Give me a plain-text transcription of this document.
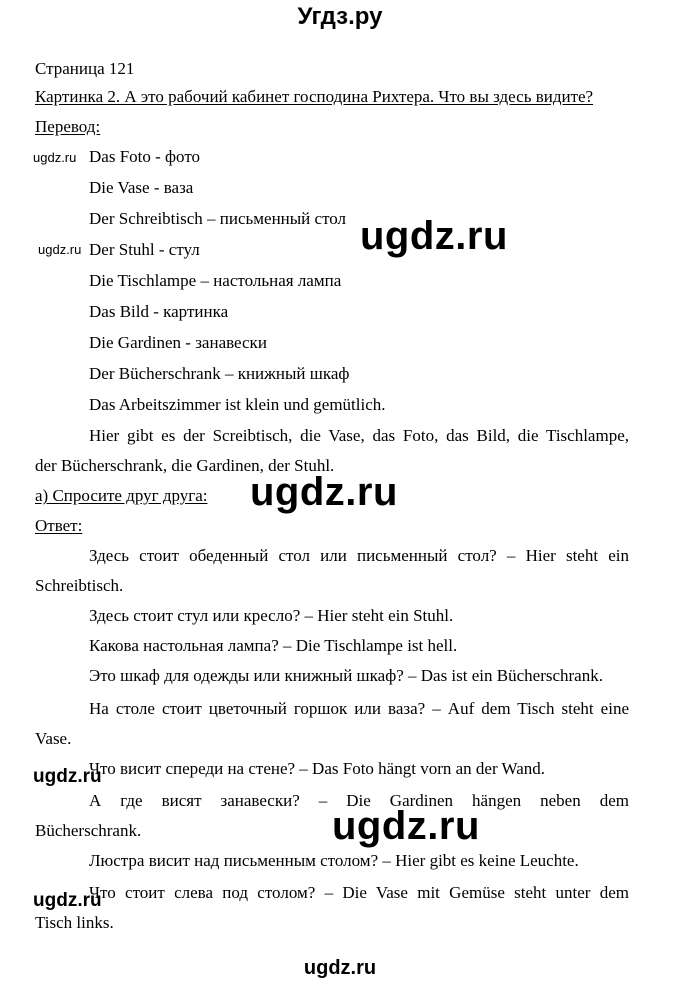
Угдз.ру
Страница 121
Картинка 2. А это рабочий кабинет господина Рихтера. Что вы здесь видите?
Перевод:
Das Foto - фото
Die Vase - ваза
Der Schreibtisch – письменный стол
Der Stuhl - стул
Die Tischlampe – настольная лампа
Das Bild - картинка
Die Gardinen - занавески
Der Bücherschrank – книжный шкаф
Das Arbeitszimmer ist klein und gemütlich.
Hier gibt es der Screibtisch, die Vase, das Foto, das Bild, die Tischlampe,
der Bücherschrank, die Gardinen, der Stuhl.
а) Спросите друг друга:
Ответ:
Здесь стоит обеденный стол или письменный стол? – Hier steht ein
Schreibtisch.
Здесь стоит стул или кресло? – Hier steht ein Stuhl.
Какова настольная лампа? – Die Tischlampe ist hell.
Это шкаф для одежды или книжный шкаф? – Das ist ein Bücherschrank.
На столе стоит цветочный горшок или ваза? – Auf dem Tisch steht eine
Vase.
Что висит спереди на стене? – Das Foto hängt vorn an der Wand.
А где висят занавески? – Die Gardinen hängen neben dem
Bücherschrank.
Люстра висит над письменным столом? – Hier gibt es keine Leuchte.
Что стоит слева под столом? – Die Vase mit Gemüse steht unter dem
Tisch links.
ugdz.ru
ugdz.ru	ugdz.ru
ugdz.ru
ugdz.ru
ugdz.ru
ugdz.ru
ugdz.ru
